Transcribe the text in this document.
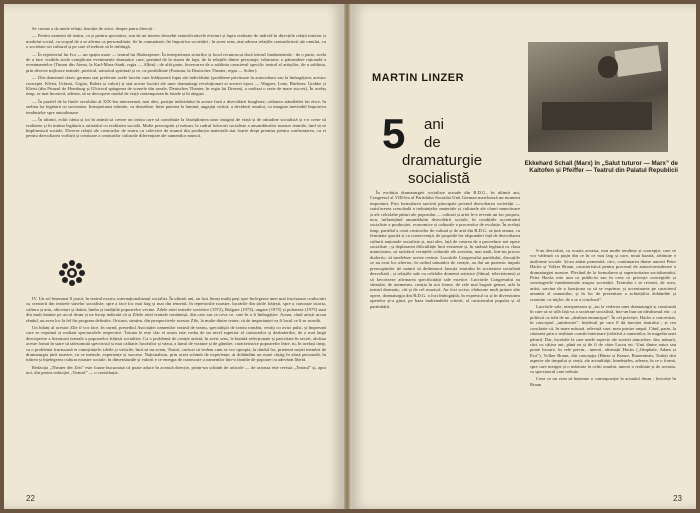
Se cuvine a da unele relații, însoțite de orice, despre patru direcții :

— Pentru oamenii de teatru, ca și pentru spectatori, stat de un interes deosebit semnificativele eforturi și lupta realizate de individ în direcțiile relații interior și modului social, cu scopul de a se afirma ca personalitate, fie în comunitate, fie împotriva societății ; în acest sens, atat adesea relațiile contradictorii ale omului, cu o societate ori cultural și pe care el trebuie să le infrângă.

— În repertoriul lui Ivo — un spațiu mare — teatrul lui Shakespeare. În interpretarea actorilor și locul recunoscut dacă teatrul fundamentale : de o parte, acela de a face vizibile acele complicate evenimente dramatice care, pornind de la starea de fapt, de la relațiile dintre personaje, izbucnesc o pătrundere rațională a evenimentelor (Timon din Atena, la Karl-Marx-Stadt, regia — Albin) ; de altă parte, încercarea de a sublinia caracterul specific teatral al artiștilor, de a sublinia, prin diverse mijloace teatrale, poetical, artistical spiritual și ce, ca posibilitate (Furtuna, la Deutsches Theater, regia — Solter).

— Din domeniul clasic german stat preferate acele lucrări care înfățișează lupta ale individului (probleme privitoare la autocultura sau la îmbogățirea acestor concepte. Kleist, Urfaust, Urgitz, Baleia și valori) și stat aceste lucrări ale unor dramaturgi revoluționari ai acestei epoci — Wagner, Lenz, Büchner, Grabbe și Kleist (din Prinzul de Homburg și Ulcicord spărgerea de scenele din ureale, Deutsches Theater, în regia lui Dresen), a realizat o serie de mare succes). În acelaș timp, se mai încearcă, adesea, să se descopere modul de viață contemporan în fatade și în aleguri.

— În paralel de la finele secolului al XIX-lea interesează, mai ales, poziția individului în aceste fază a dezvoltării burgheze, calitatea stăndfaltei lui etice, în stelina lor legătură cu societatea. Interpretarea stârnite, cu deosebire, între puterea la lumină, angajați critică, a deciderii omului, ca imagine inevitabil împotriva tendințelor spre autoalinsare.

— În ultimii, echii cânta și tot în animă să creeze un teatru care să contribuie la făuriplinirea unor imagini de viață și de atitudine socialistă și s-o creze să realizeze și în intima legătură a artistului cu realitatea socială. Multe preocupări și măsuri, la cadrul fulcrorii socialiste a ansamblurilor noastre teatrale, tind să se împlinească sociale. Diverse relații ale creatorilor de teatru cu colective de muncă din producția materială stat foarte drept premisa pentru confruntarea, cu ei pentru dezvoltarea vorbirii și creatoare a creaturilor culturale diferențiate ale oamenilor muncii.

IV. Un rol însemnat îl joacă, în teatrul nostru, internaționalismul socialist. În ultimii ani, au fost făcuți mulți pași spre înclegerea unei mai fructuoase conlucrări cu creatorii din teatrele statelor socialiste, spre a face loc mai larg și mai din temeiul, în repertoriile noastre, lucrările din țările frățești, spre a cunoaște istoria, cultura și arta, obiceiuri și datini, limba și tradițiile popoarelor vecine. Zilele artei teatrale sovietice (1972), Bulgare (1973), ungare (1975) și poloneze (1975) sunt din mult înainte pe arcul drum și ne încep indicată că și Zilele artei teatrale românești, din care am ca ceva ce, care în a fi îmbogățire. Acum, când artiști urcau rândul, au avea loc la fel fin program definitiv. Oricum, simțim, din perspectivele acestor Zile, la multe dintre teatre, că de importanței va fi locul ce îi se acordă.

Un bilanț al acestor Zile il vor face, în curnd, președiul Asociației oamenilor teatrul de teatru, specialiștii de teatru români, vestiți cu avizi pulsi, și împreună care se exprimă și realizat spectacolele respective. Totuna le este clar ei acum este vorba de un nivel superior al contactelor și dezbaterilor, de o mai largă descoperire a literaturii teatrale a popoarelor frățești socialiste. Ca o problemă de creație artistă, în acest sens, le înaintă selecționate și pasivitate în secret, alcătua aceste fomat în stare să talesomută spectrosul și mai calitativ lucrărilor și văzut, a lumii de viziune și de gândire, caracteristice popoarelor între, tu, în același timp, ca o problemă fructuoasă et cunoștințele, ideile și valorile, încă să nu avem, Teatrii, curiozi să vedem cum se vor upropia, la rândul lor, prietenii noștri membri de dramaturgia țării noastre, cu ce metode, experiențe și succese. Naționalism, prin acest schimb de experiențe, ai dobândim un mare câștig în afară personală, în trăirea și înțelegerea cultura noastre sociale, în dimensiunile și valorii e ce energia de cunoscute a oamenilor într-o familie de popoare cu adevărat liberă.

Redacția „Theater der Zeit” este foarte bucuroasă că poate aduce în această direcție, printr-un schimb de articole — de aceasta este revista „Teatrul” și, apoi noi, din partea redacției „Teatrul” — o contribuție.

22
MARTIN LINZER
5	ani
de
dramaturgie
socialistă
Ekkehard Schall (Marx) în „Salut tuturor — Marx” de Kaltofen și Pfeiffer — Teatrul din Palatul Republicii

În evoluția dramaturgiei socialiste actuale din R.D.G., în ultimii ani, Congresul al VIII-lea al Partidului Socialist Unit German marchează un moment important. Prin formularea sarcinii principale privind dezvoltarea societății — satisfacerea crescândă a trebuințelor materiale și culturale ale clasei muncitoare și ale celorlalte pături ale poporului — culturii și artei le-a revenit un loc propriu, nou, influențând ansamblului dezvoltării sociale, în condițiile accentuării socialiste a producției, economice și culturale a proceselor de evoluție. În același timp, partidul a creat creatorilor de cultură și de artă din R.D.G. să țină seama, cu fermitate sporită și cu consecvență, de propriile lor răspunderi față de dezvoltarea culturii naționale socialiste și, mai ales, față de crearea de a proceduce noi opere socialiste ; și deplasarea dificultăție încă existente și, în strânsă legătură cu clasa muncitoare, să satisfacă cerințele culturale ale acesteia, mai mult, într-un proces dialectic, să modeleze aceste cerințe. Lucrările Congresului partidului, discuțiile ce au avut loc ulterior, în cadrul uniunilor de creație, au dat un puternic impuls preocupărilor de natură să definească funcția teatrului în societatea socialistă dezvoltată ; și relațiile sale cu celelalte domenii artistice (filmul, televiziunea) și să favorizeze afirmarea specificității sale estetice. Lucrările Congresului au stimulat, de asemenea, creația în noi forme, de cele mai bogate genuri, atât la teatrul dramatic, cât și de cel muzical. Au fost scrise, elaborate mult printre alte opere, dramaturgia din R.D.G. a fost îmbogățită, în expresiul ca și în diversitatea operelor și-a găsit, pe baza inalienabilei criterii, al caracterului popular și al partinității.

S-au dezvoltat, cu ocazia aceasta, mai multe tendințe și concepții, care se vor vădează ca puțin din ce în ce mai larg și care, nouă bazată, aleătuite e uniforme sociale. Și-au arătat pomenită, căci, continuarea dintre autorii Peter Hacks și Volker Braun, caracteristică pentru procesul de autoreconsiderare a dramaturgiei noastre. Plecând de la formularea și superioritatea socialismului, Peter Hacks este una ca publicist sau în ceea ce privește concepțiile și convingerile fundamentale asupra societății. Teatrului i se revenit, de acea, artist, sarcina de a funcționa ca să se exprime, și accentuarea pe caracterul umanist al oamenilor, și în loc de prezentare a achizițiilor dobândite și scontate, ca mijloc de a se a concluzii”.

Lucrările sale, interpretarea și „nu la vederea unei dramaturgii și construită în care să se află față va a societate socialistă, într-un bun un idealismul etic ; a politicii ca trăit de un „dealism emancipat”. În cel privește, Hacks a concentrat, în conceptul „antiteoriei”, înțelesul pe care îl dă funcției teatrului ; și cea concluzie că, în mare măsură, relevată care, meu printre ampii. Când, parte, la căutarea prin o realitate constit-interioare (relativă a oamenilor, în tragedia unei pături). Dar, lucrările la care unele aspecte ale acestei atmosfere, dar, măsură, căci cu câțiva ani, până eu și de fi de către Lucru etc. Unii dintre autor sau poate lucrare, în cele privin... uneori, afirmații Hacks („Omphale, Adam și Eva”), Volker Braun, din concepția (Hinze și Kunze, Bauernteatr, Tinka) sînt aspecte ale timpului și vieții, ale actualității, bineînțeles, adesea, în ce o formă, spre care mergea și o mărturie la ochii omului, uneori o realitate și de aceasta, ca spectatorul care trebuie.

Ceea ce nu vrea să însemne o contrapoziție la actualul drum ; lectorițe în Braun

23
